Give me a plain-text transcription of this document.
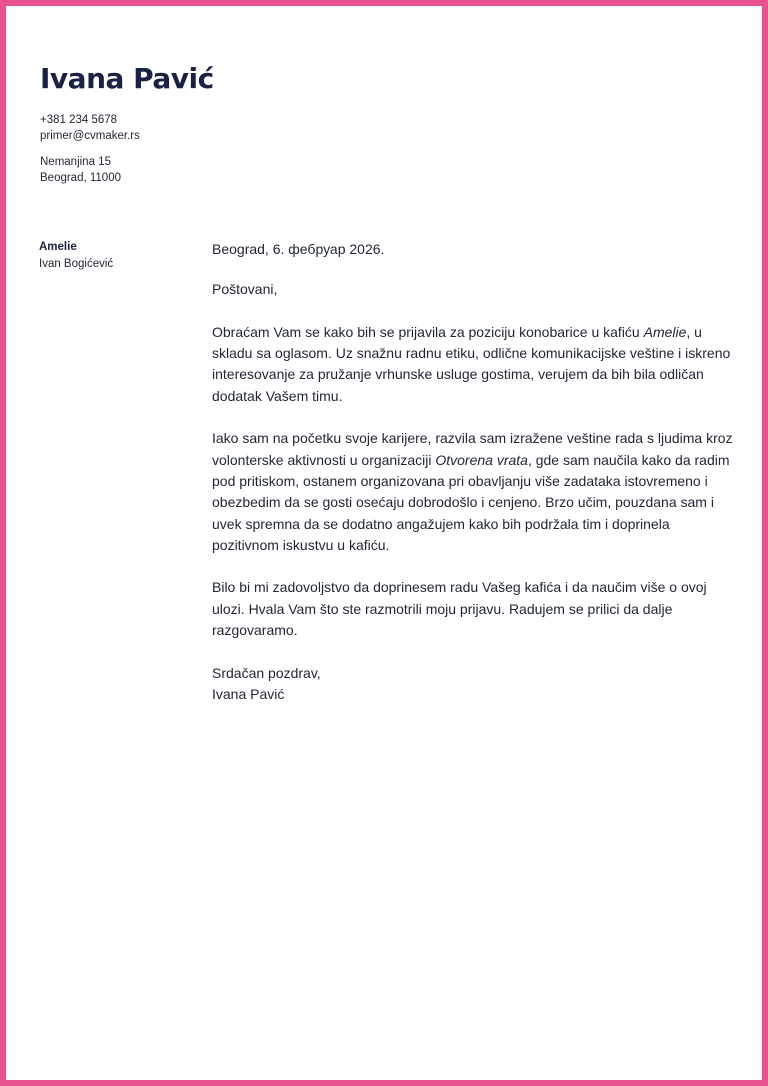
Ivana Pavić
+381 234 5678
primer@cvmaker.rs
Nemanjina 15
Beograd, 11000
Amelie
Ivan Bogićević

Beograd, 6. фебруар 2026.

Poštovani,

Obraćam Vam se kako bih se prijavila za poziciju konobarice u kafiću Amelie, u skladu sa oglasom. Uz snažnu radnu etiku, odlične komunikacijske veštine i iskreno interesovanje za pružanje vrhunske usluge gostima, verujem da bih bila odličan dodatak Vašem timu.

Iako sam na početku svoje karijere, razvila sam izražene veštine rada s ljudima kroz volonterske aktivnosti u organizaciji Otvorena vrata, gde sam naučila kako da radim pod pritiskom, ostanem organizovana pri obavljanju više zadataka istovremeno i obezbedim da se gosti osećaju dobrodošlo i cenjeno. Brzo učim, pouzdana sam i uvek spremna da se dodatno angažujem kako bih podržala tim i doprinela pozitivnom iskustvu u kafiću.

Bilo bi mi zadovoljstvo da doprinesem radu Vašeg kafića i da naučim više o ovoj ulozi. Hvala Vam što ste razmotrili moju prijavu. Radujem se prilici da dalje razgovaramo.

Srdačan pozdrav,
Ivana Pavić
